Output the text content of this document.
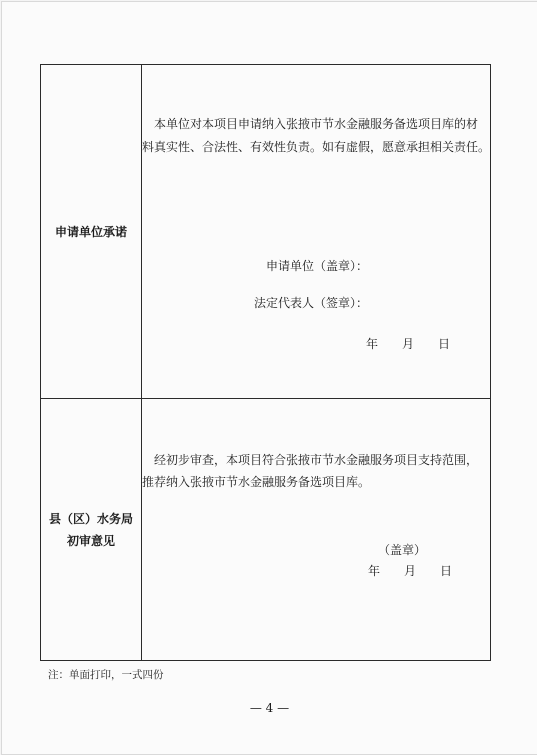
申请单位承诺
本单位对本项目申请纳入张掖市节水金融服务备选项目库的材
料真实性、合法性、有效性负责。如有虚假，愿意承担相关责任。
申请单位（盖章）：
法定代表人（签章）：
年　　月　　日
县（区）水务局
初审意见
经初步审查，本项目符合张掖市节水金融服务项目支持范围，
推荐纳入张掖市节水金融服务备选项目库。
（盖章）
年　　月　　日
注：单面打印，一式四份
— 4 —
